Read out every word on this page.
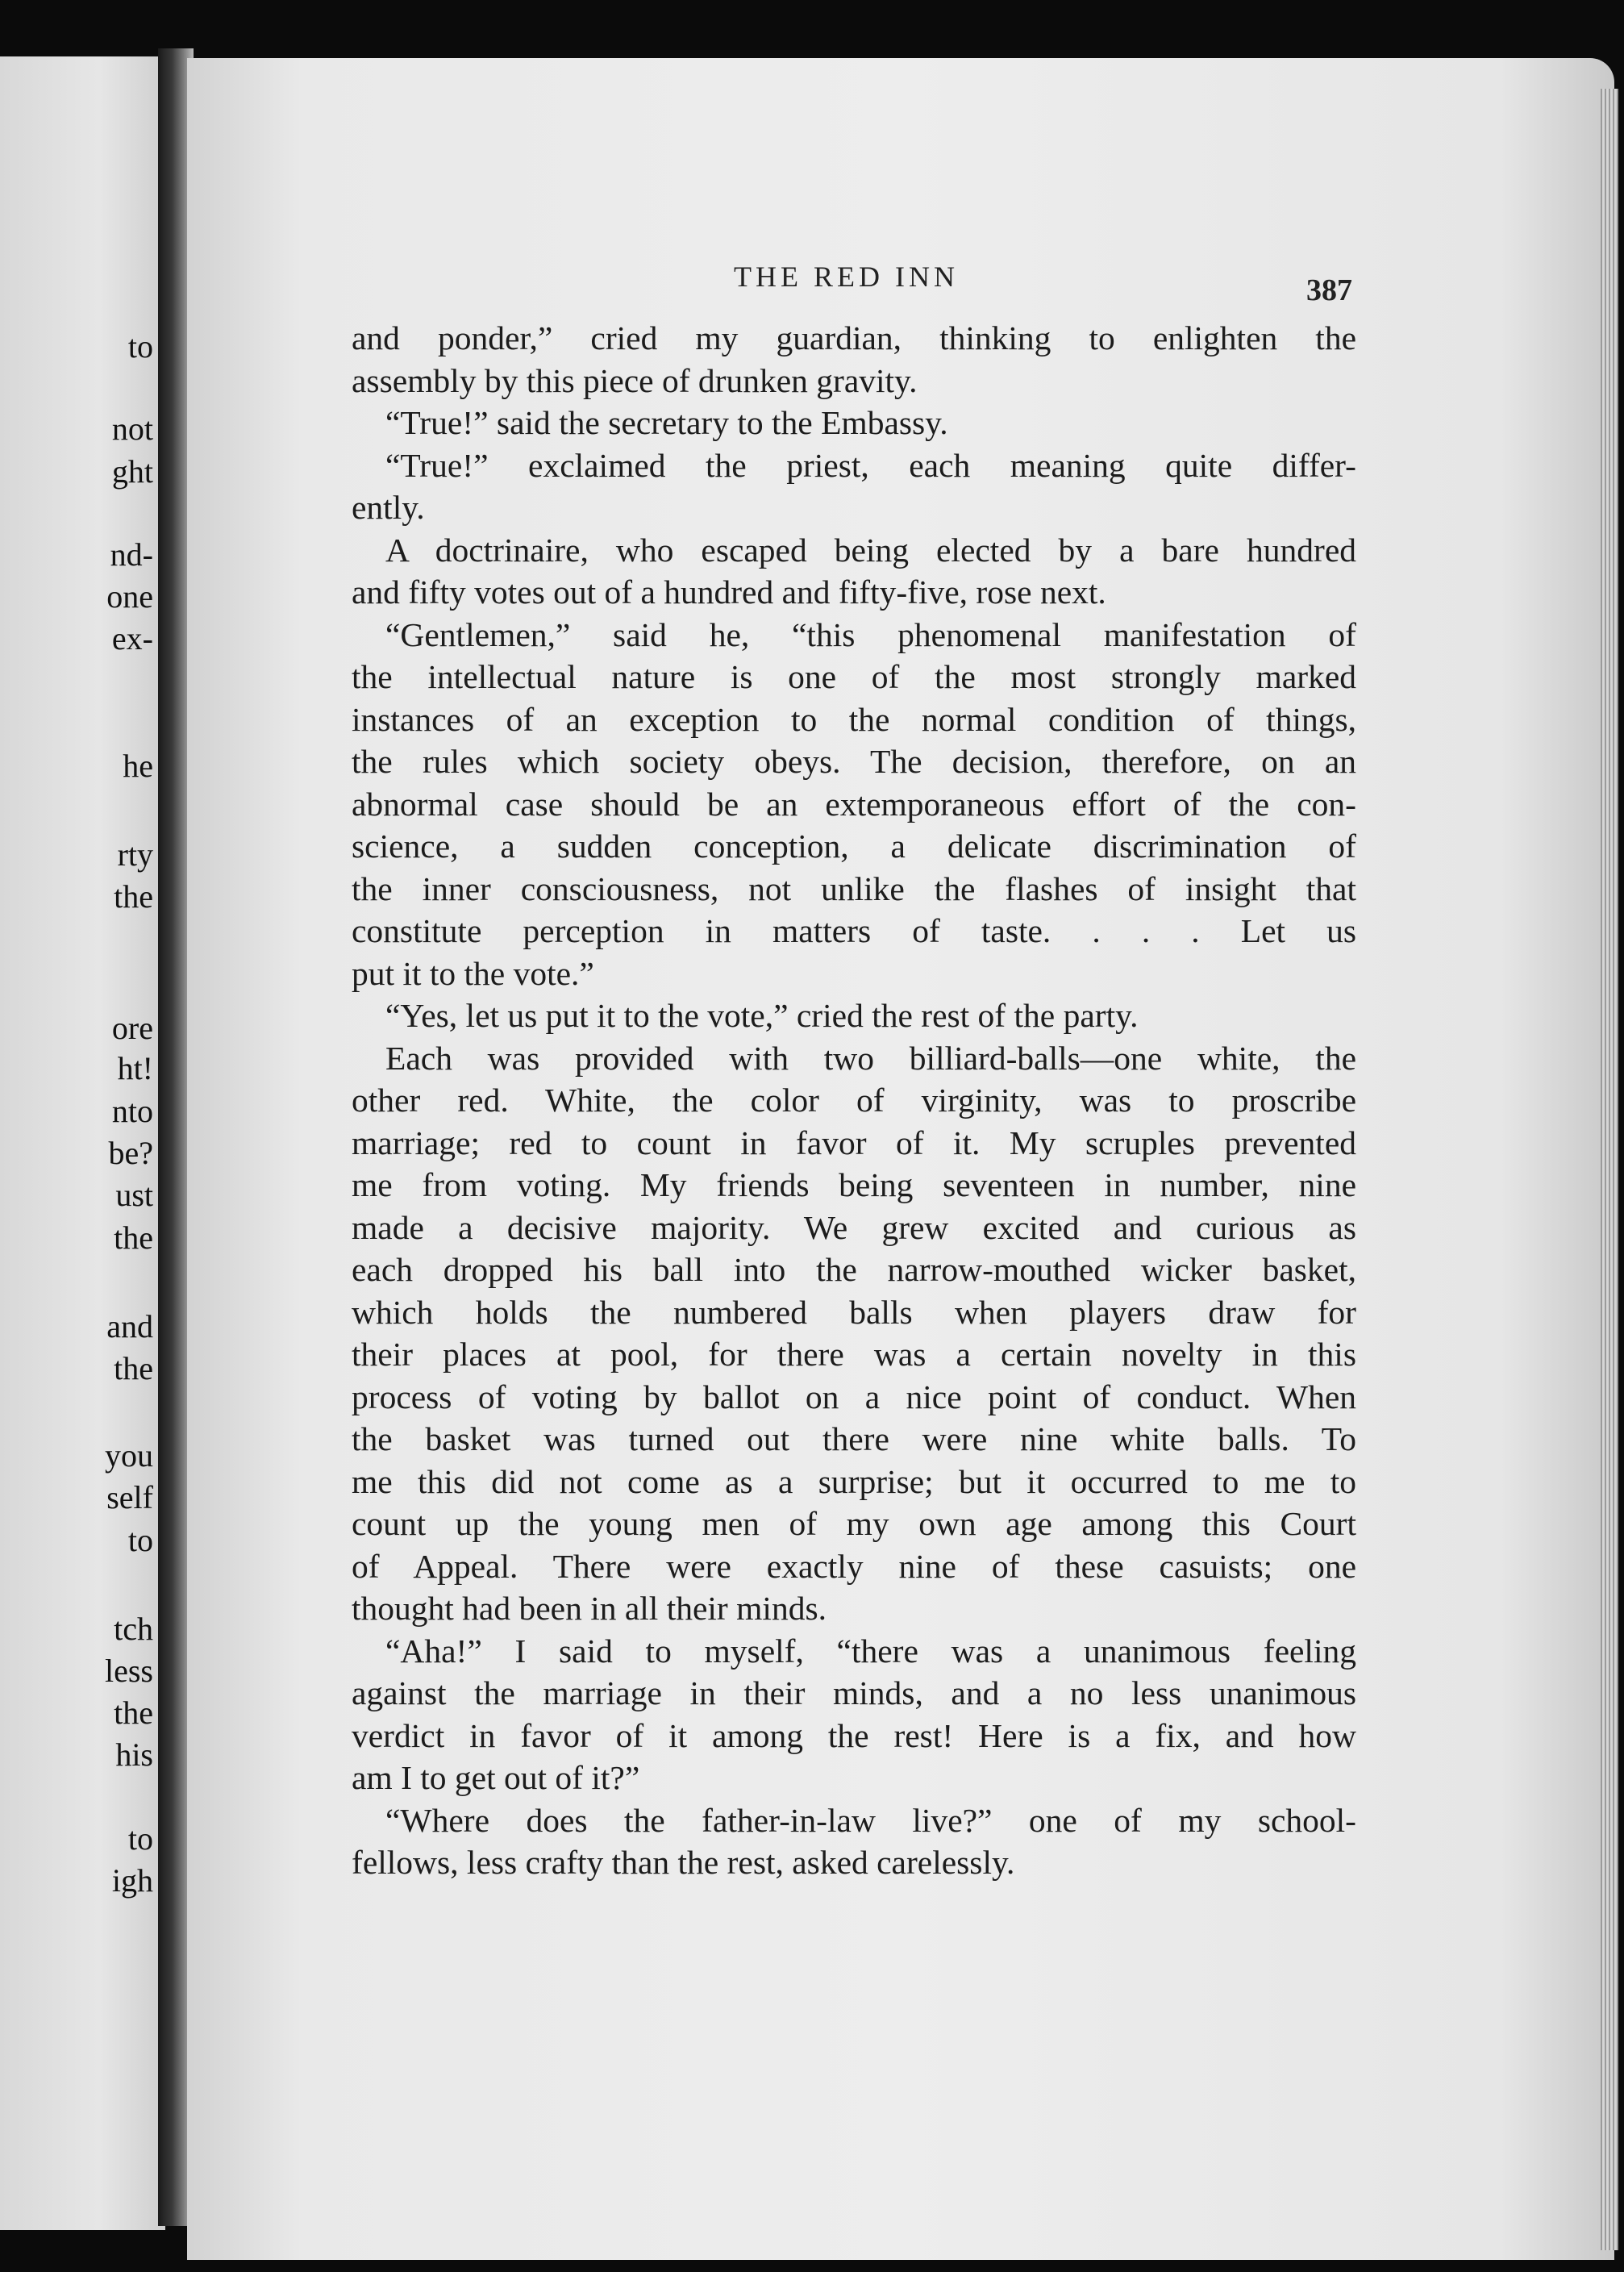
to
not
ght
nd-
one
ex-
he
rty
the
ore
ht!
nto
be?
ust
the
and
the
you
self
to
tch
less
the
his
to
igh
THE RED INN	387
and ponder,” cried my guardian, thinking to enlighten the
assembly by this piece of drunken gravity.
“True!” said the secretary to the Embassy.
“True!” exclaimed the priest, each meaning quite differ-
ently.
A doctrinaire, who escaped being elected by a bare hundred
and fifty votes out of a hundred and fifty-five, rose next.
“Gentlemen,” said he, “this phenomenal manifestation of
the intellectual nature is one of the most strongly marked
instances of an exception to the normal condition of things,
the rules which society obeys. The decision, therefore, on an
abnormal case should be an extemporaneous effort of the con-
science, a sudden conception, a delicate discrimination of
the inner consciousness, not unlike the flashes of insight that
constitute perception in matters of taste. . . . Let us
put it to the vote.”
“Yes, let us put it to the vote,” cried the rest of the party.
Each was provided with two billiard-balls—one white, the
other red. White, the color of virginity, was to proscribe
marriage; red to count in favor of it. My scruples prevented
me from voting. My friends being seventeen in number, nine
made a decisive majority. We grew excited and curious as
each dropped his ball into the narrow-mouthed wicker basket,
which holds the numbered balls when players draw for
their places at pool, for there was a certain novelty in this
process of voting by ballot on a nice point of conduct. When
the basket was turned out there were nine white balls. To
me this did not come as a surprise; but it occurred to me to
count up the young men of my own age among this Court
of Appeal. There were exactly nine of these casuists; one
thought had been in all their minds.
“Aha!” I said to myself, “there was a unanimous feeling
against the marriage in their minds, and a no less unanimous
verdict in favor of it among the rest! Here is a fix, and how
am I to get out of it?”
“Where does the father-in-law live?” one of my school-
fellows, less crafty than the rest, asked carelessly.
